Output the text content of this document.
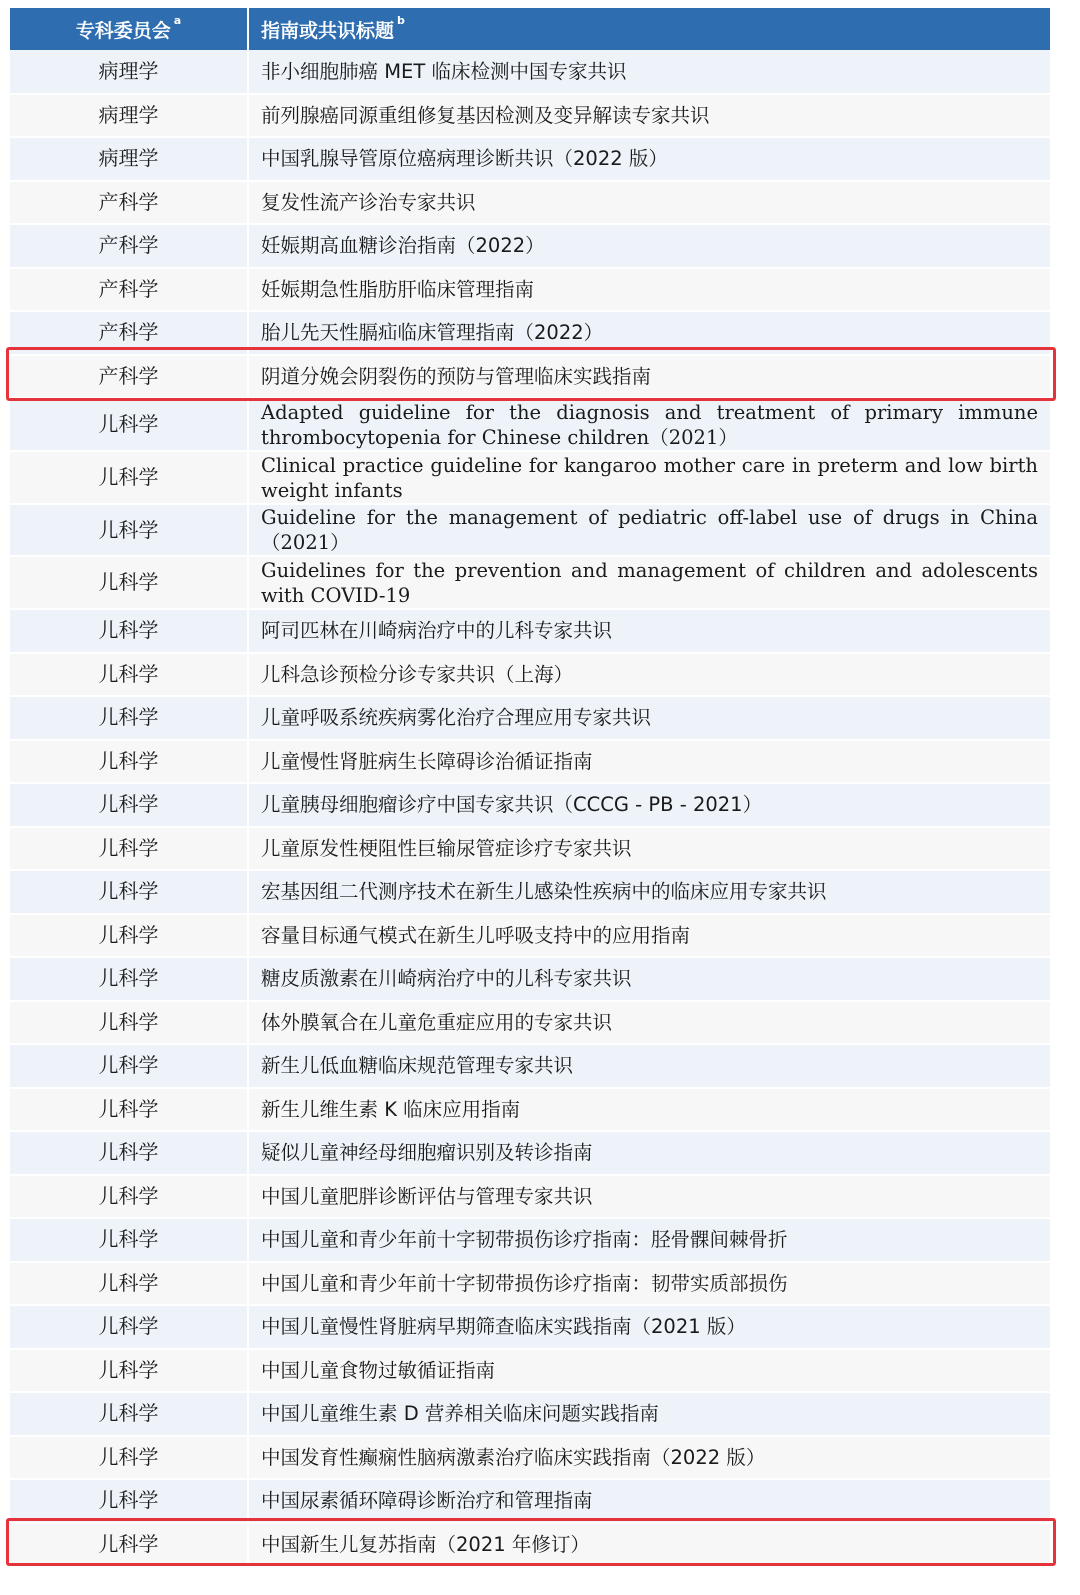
专科委员会 $^a$	指南或共识标题 $^b$
病理学	非小细胞肺癌 MET 临床检测中国专家共识
病理学	前列腺癌同源重组修复基因检测及变异解读专家共识
病理学	中国乳腺导管原位癌病理诊断共识（2022 版）
产科学	复发性流产诊治专家共识
产科学	妊娠期高血糖诊治指南（2022）
产科学	妊娠期急性脂肪肝临床管理指南
产科学	胎儿先天性膈疝临床管理指南（2022）
产科学	阴道分娩会阴裂伤的预防与管理临床实践指南
儿科学	Adapted guideline for the diagnosis and treatment of primary immune thrombocytopenia for Chinese children（2021）
儿科学	Clinical practice guideline for kangaroo mother care in preterm and low birth weight infants
儿科学	Guideline for the management of pediatric off-label use of drugs in China（2021）
儿科学	Guidelines for the prevention and management of children and adolescents with COVID-19
儿科学	阿司匹林在川崎病治疗中的儿科专家共识
儿科学	儿科急诊预检分诊专家共识（上海）
儿科学	儿童呼吸系统疾病雾化治疗合理应用专家共识
儿科学	儿童慢性肾脏病生长障碍诊治循证指南
儿科学	儿童胰母细胞瘤诊疗中国专家共识（CCCG - PB - 2021）
儿科学	儿童原发性梗阻性巨输尿管症诊疗专家共识
儿科学	宏基因组二代测序技术在新生儿感染性疾病中的临床应用专家共识
儿科学	容量目标通气模式在新生儿呼吸支持中的应用指南
儿科学	糖皮质激素在川崎病治疗中的儿科专家共识
儿科学	体外膜氧合在儿童危重症应用的专家共识
儿科学	新生儿低血糖临床规范管理专家共识
儿科学	新生儿维生素 K 临床应用指南
儿科学	疑似儿童神经母细胞瘤识别及转诊指南
儿科学	中国儿童肥胖诊断评估与管理专家共识
儿科学	中国儿童和青少年前十字韧带损伤诊疗指南：胫骨髁间棘骨折
儿科学	中国儿童和青少年前十字韧带损伤诊疗指南：韧带实质部损伤
儿科学	中国儿童慢性肾脏病早期筛查临床实践指南（2021 版）
儿科学	中国儿童食物过敏循证指南
儿科学	中国儿童维生素 D 营养相关临床问题实践指南
儿科学	中国发育性癫痫性脑病激素治疗临床实践指南（2022 版）
儿科学	中国尿素循环障碍诊断治疗和管理指南
儿科学	中国新生儿复苏指南（2021 年修订）
